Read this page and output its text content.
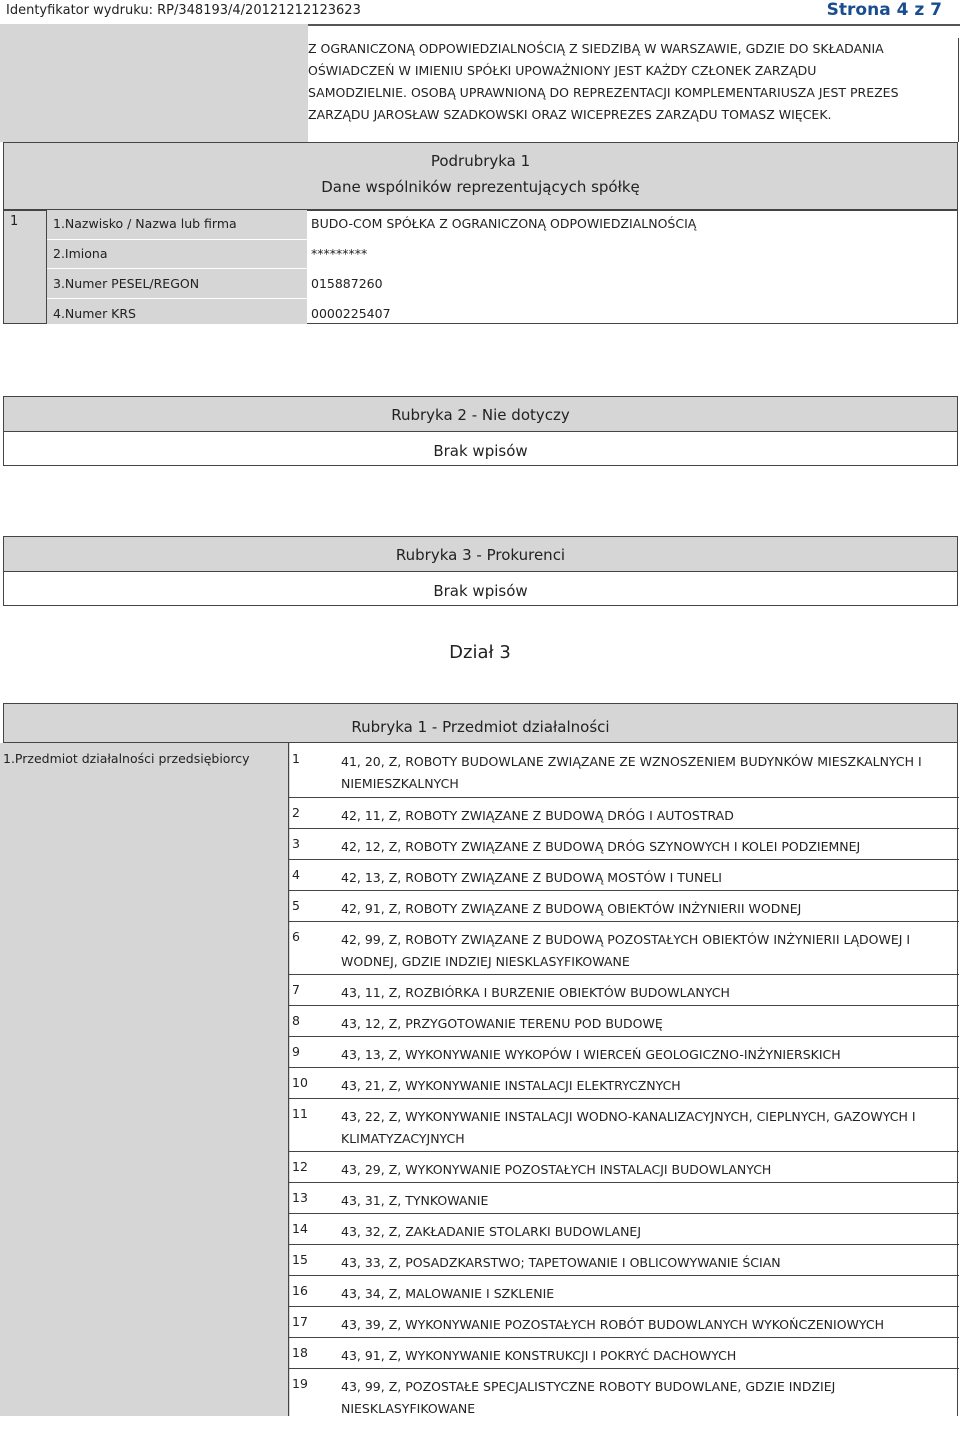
Identyfikator wydruku: RP/348193/4/20121212123623	Strona 4 z 7
Z OGRANICZONĄ ODPOWIEDZIALNOŚCIĄ Z SIEDZIBĄ W WARSZAWIE, GDZIE DO SKŁADANIA
OŚWIADCZEŃ W IMIENIU SPÓŁKI UPOWAŻNIONY JEST KAŻDY CZŁONEK ZARZĄDU
SAMODZIELNIE. OSOBĄ UPRAWNIONĄ DO REPREZENTACJI KOMPLEMENTARIUSZA JEST PREZES
ZARZĄDU JAROSŁAW SZADKOWSKI ORAZ WICEPREZES ZARZĄDU TOMASZ WIĘCEK.
Podrubryka 1
Dane wspólników reprezentujących spółkę
1	1.Nazwisko / Nazwa lub firma	BUDO-COM SPÓŁKA Z OGRANICZONĄ ODPOWIEDZIALNOŚCIĄ
2.Imiona	*********
3.Numer PESEL/REGON	015887260
4.Numer KRS	0000225407
Rubryka 2 - Nie dotyczy
Brak wpisów
Rubryka 3 - Prokurenci
Brak wpisów
Dział 3
Rubryka 1 - Przedmiot działalności
1.Przedmiot działalności przedsiębiorcy	1	41, 20, Z, ROBOTY BUDOWLANE ZWIĄZANE ZE WZNOSZENIEM BUDYNKÓW MIESZKALNYCH I NIEMIESZKALNYCH
2	42, 11, Z, ROBOTY ZWIĄZANE Z BUDOWĄ DRÓG I AUTOSTRAD
3	42, 12, Z, ROBOTY ZWIĄZANE Z BUDOWĄ DRÓG SZYNOWYCH I KOLEI PODZIEMNEJ
4	42, 13, Z, ROBOTY ZWIĄZANE Z BUDOWĄ MOSTÓW I TUNELI
5	42, 91, Z, ROBOTY ZWIĄZANE Z BUDOWĄ OBIEKTÓW INŻYNIERII WODNEJ
6	42, 99, Z, ROBOTY ZWIĄZANE Z BUDOWĄ POZOSTAŁYCH OBIEKTÓW INŻYNIERII LĄDOWEJ I WODNEJ, GDZIE INDZIEJ NIESKLASYFIKOWANE
7	43, 11, Z, ROZBIÓRKA I BURZENIE OBIEKTÓW BUDOWLANYCH
8	43, 12, Z, PRZYGOTOWANIE TERENU POD BUDOWĘ
9	43, 13, Z, WYKONYWANIE WYKOPÓW I WIERCEŃ GEOLOGICZNO-INŻYNIERSKICH
10	43, 21, Z, WYKONYWANIE INSTALACJI ELEKTRYCZNYCH
11	43, 22, Z, WYKONYWANIE INSTALACJI WODNO-KANALIZACYJNYCH, CIEPLNYCH, GAZOWYCH I KLIMATYZACYJNYCH
12	43, 29, Z, WYKONYWANIE POZOSTAŁYCH INSTALACJI BUDOWLANYCH
13	43, 31, Z, TYNKOWANIE
14	43, 32, Z, ZAKŁADANIE STOLARKI BUDOWLANEJ
15	43, 33, Z, POSADZKARSTWO; TAPETOWANIE I OBLICOWYWANIE ŚCIAN
16	43, 34, Z, MALOWANIE I SZKLENIE
17	43, 39, Z, WYKONYWANIE POZOSTAŁYCH ROBÓT BUDOWLANYCH WYKOŃCZENIOWYCH
18	43, 91, Z, WYKONYWANIE KONSTRUKCJI I POKRYĆ DACHOWYCH
19	43, 99, Z, POZOSTAŁE SPECJALISTYCZNE ROBOTY BUDOWLANE, GDZIE INDZIEJ NIESKLASYFIKOWANE
